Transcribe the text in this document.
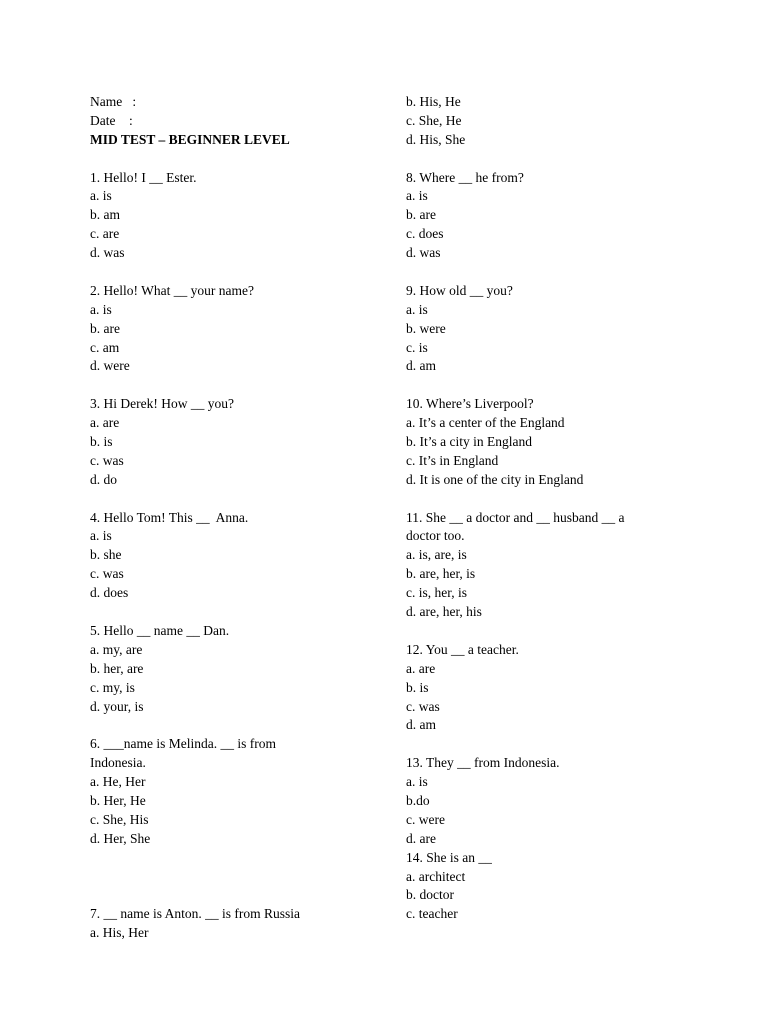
Name   :
Date    :
MID TEST – BEGINNER LEVEL
1. Hello! I __ Ester.
a. is
b. am
c. are
d. was
2. Hello! What __ your name?
a. is
b. are
c. am
d. were
3. Hi Derek! How __ you?
a. are
b. is
c. was
d. do
4. Hello Tom! This __  Anna.
a. is
b. she
c. was
d. does
5. Hello __ name __ Dan.
a. my, are
b. her, are
c. my, is
d. your, is
6. ___name is Melinda. __ is from
Indonesia.
a. He, Her
b. Her, He
c. She, His
d. Her, She
7. __ name is Anton. __ is from Russia
a. His, Her
b. His, He
c. She, He
d. His, She
8. Where __ he from?
a. is
b. are
c. does
d. was
9. How old __ you?
a. is
b. were
c. is
d. am
10. Where’s Liverpool?
a. It’s a center of the England
b. It’s a city in England
c. It’s in England
d. It is one of the city in England
11. She __ a doctor and __ husband __ a
doctor too.
a. is, are, is
b. are, her, is
c. is, her, is
d. are, her, his
12. You __ a teacher.
a. are
b. is
c. was
d. am
13. They __ from Indonesia.
a. is
b.do
c. were
d. are
14. She is an __
a. architect
b. doctor
c. teacher
